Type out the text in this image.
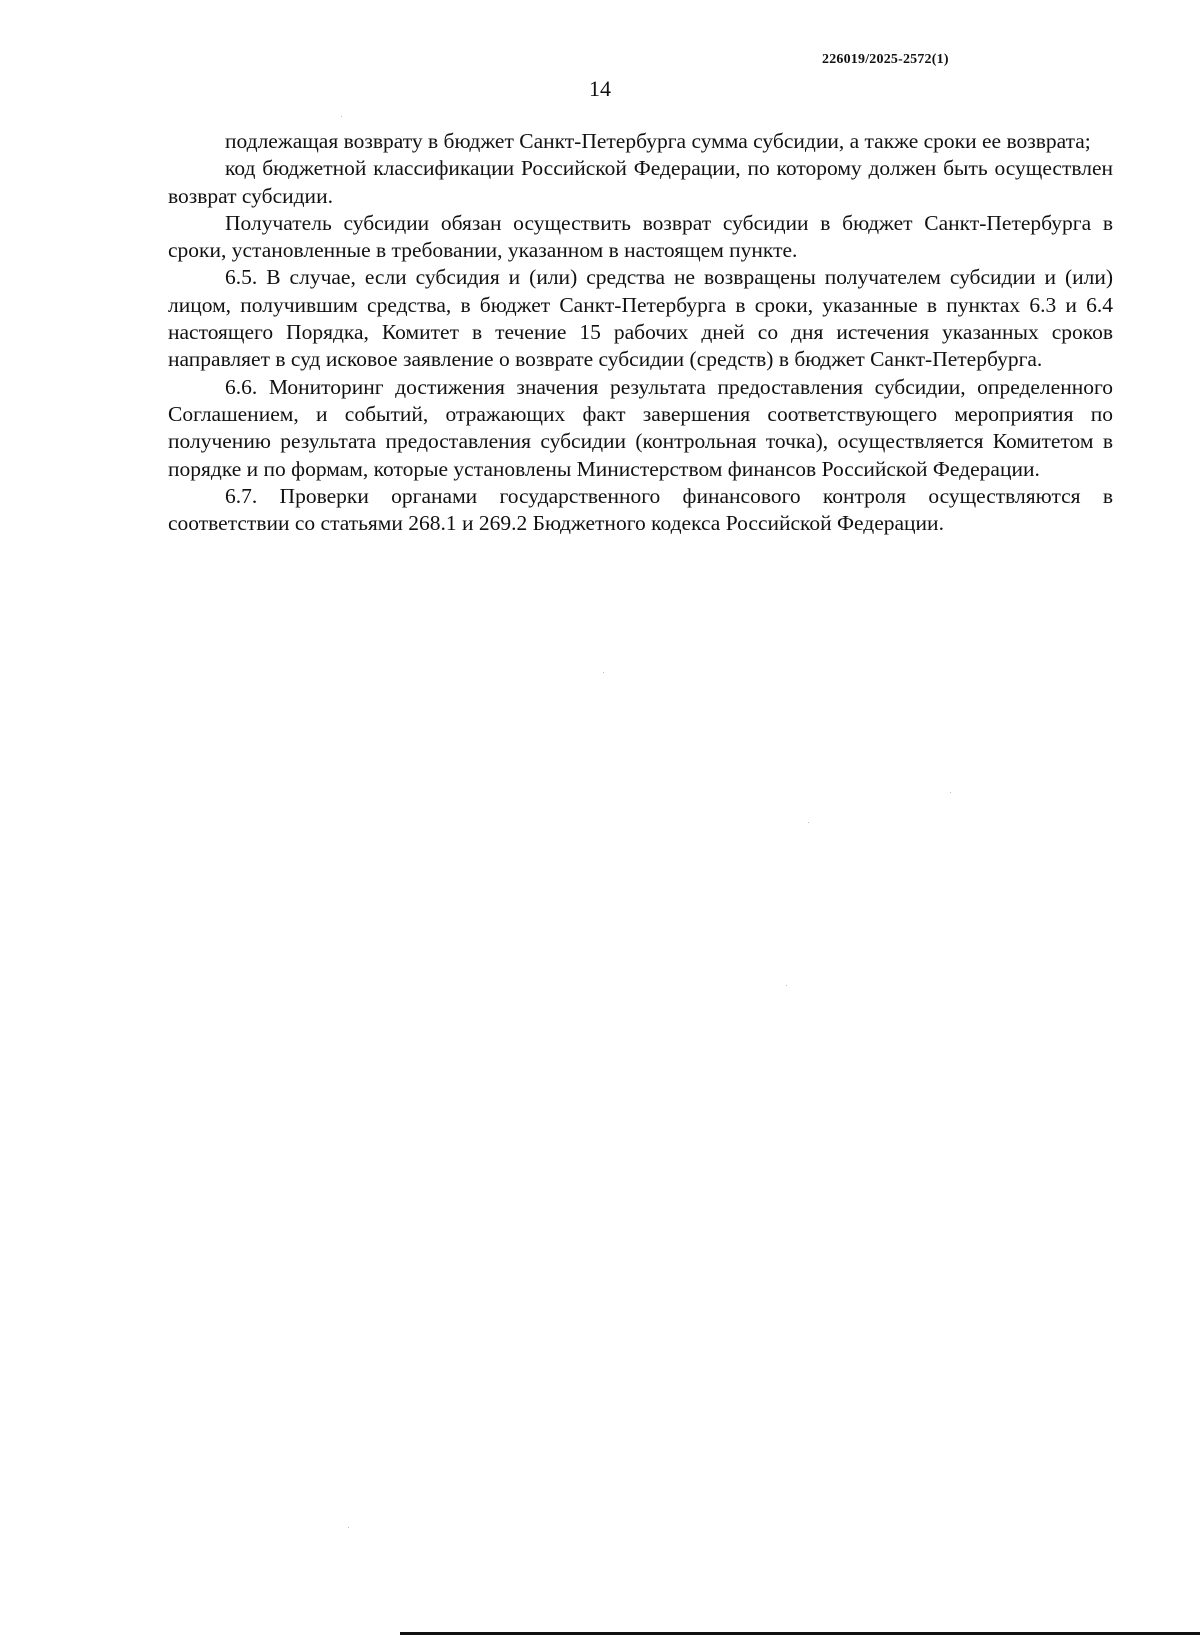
226019/2025-2572(1)
14

подлежащая возврату в бюджет Санкт-Петербурга сумма субсидии, а также сроки ее возврата;

код бюджетной классификации Российской Федерации, по которому должен быть осуществлен возврат субсидии.

Получатель субсидии обязан осуществить возврат субсидии в бюджет Санкт-Петербурга в сроки, установленные в требовании, указанном в настоящем пункте.

6.5. В случае, если субсидия и (или) средства не возвращены получателем субсидии и (или) лицом, получившим средства, в бюджет Санкт-Петербурга в сроки, указанные в пунктах 6.3 и 6.4 настоящего Порядка, Комитет в течение 15 рабочих дней со дня истечения указанных сроков направляет в суд исковое заявление о возврате субсидии (средств) в бюджет Санкт-Петербурга.

6.6. Мониторинг достижения значения результата предоставления субсидии, определенного Соглашением, и событий, отражающих факт завершения соответствующего мероприятия по получению результата предоставления субсидии (контрольная точка), осуществляется Комитетом в порядке и по формам, которые установлены Министерством финансов Российской Федерации.

6.7. Проверки органами государственного финансового контроля осуществляются в соответствии со статьями 268.1 и 269.2 Бюджетного кодекса Российской Федерации.
